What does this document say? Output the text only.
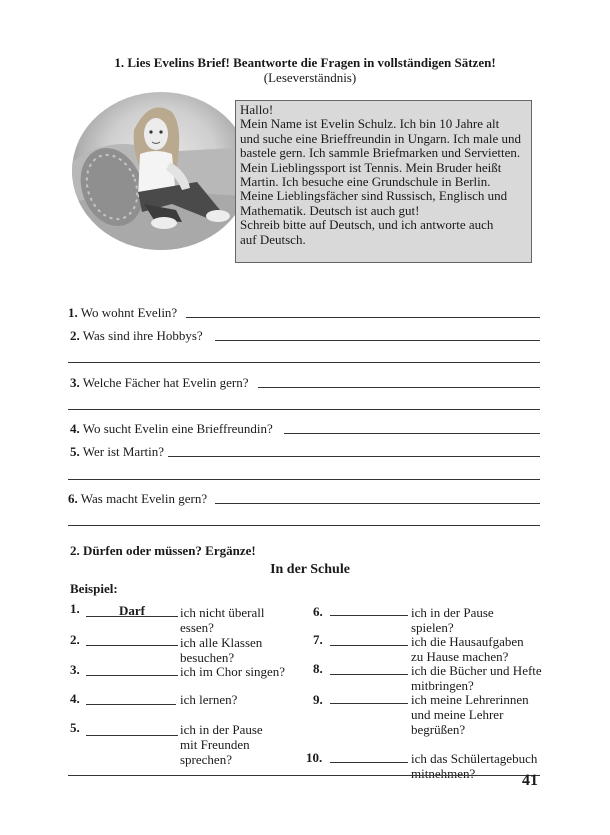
1. Lies Evelins Brief! Beantworte die Fragen in vollständigen Sätzen!
(Leseverständnis)
Hallo!
Mein Name ist Evelin Schulz. Ich bin 10 Jahre alt
und suche eine Brieffreundin in Ungarn. Ich male und
bastele gern. Ich sammle Briefmarken und Servietten.
Mein Lieblingssport ist Tennis. Mein Bruder heißt
Martin. Ich besuche eine Grundschule in Berlin.
Meine Lieblingsfächer sind Russisch, Englisch und
Mathematik. Deutsch ist auch gut!
Schreib bitte auf Deutsch, und ich antworte auch
auf Deutsch.
1. Wo wohnt Evelin?
2. Was sind ihre Hobbys?
3. Welche Fächer hat Evelin gern?
4. Wo sucht Evelin eine Brieffreundin?
5. Wer ist Martin?
6. Was macht Evelin gern?
2. Dürfen oder müssen? Ergänze!
In der Schule
Beispiel:
1.	Darf	ich nicht überall
essen?
2.	ich alle Klassen
besuchen?
3.	ich im Chor singen?
4.	ich lernen?
5.	ich in der Pause
mit Freunden
sprechen?
6.	ich in der Pause
spielen?
7.	ich die Hausaufgaben
zu Hause machen?
8.	ich die Bücher und Hefte
mitbringen?
9.	ich meine Lehrerinnen
und meine Lehrer
begrüßen?
10.	ich das Schülertagebuch
mitnehmen?	41
